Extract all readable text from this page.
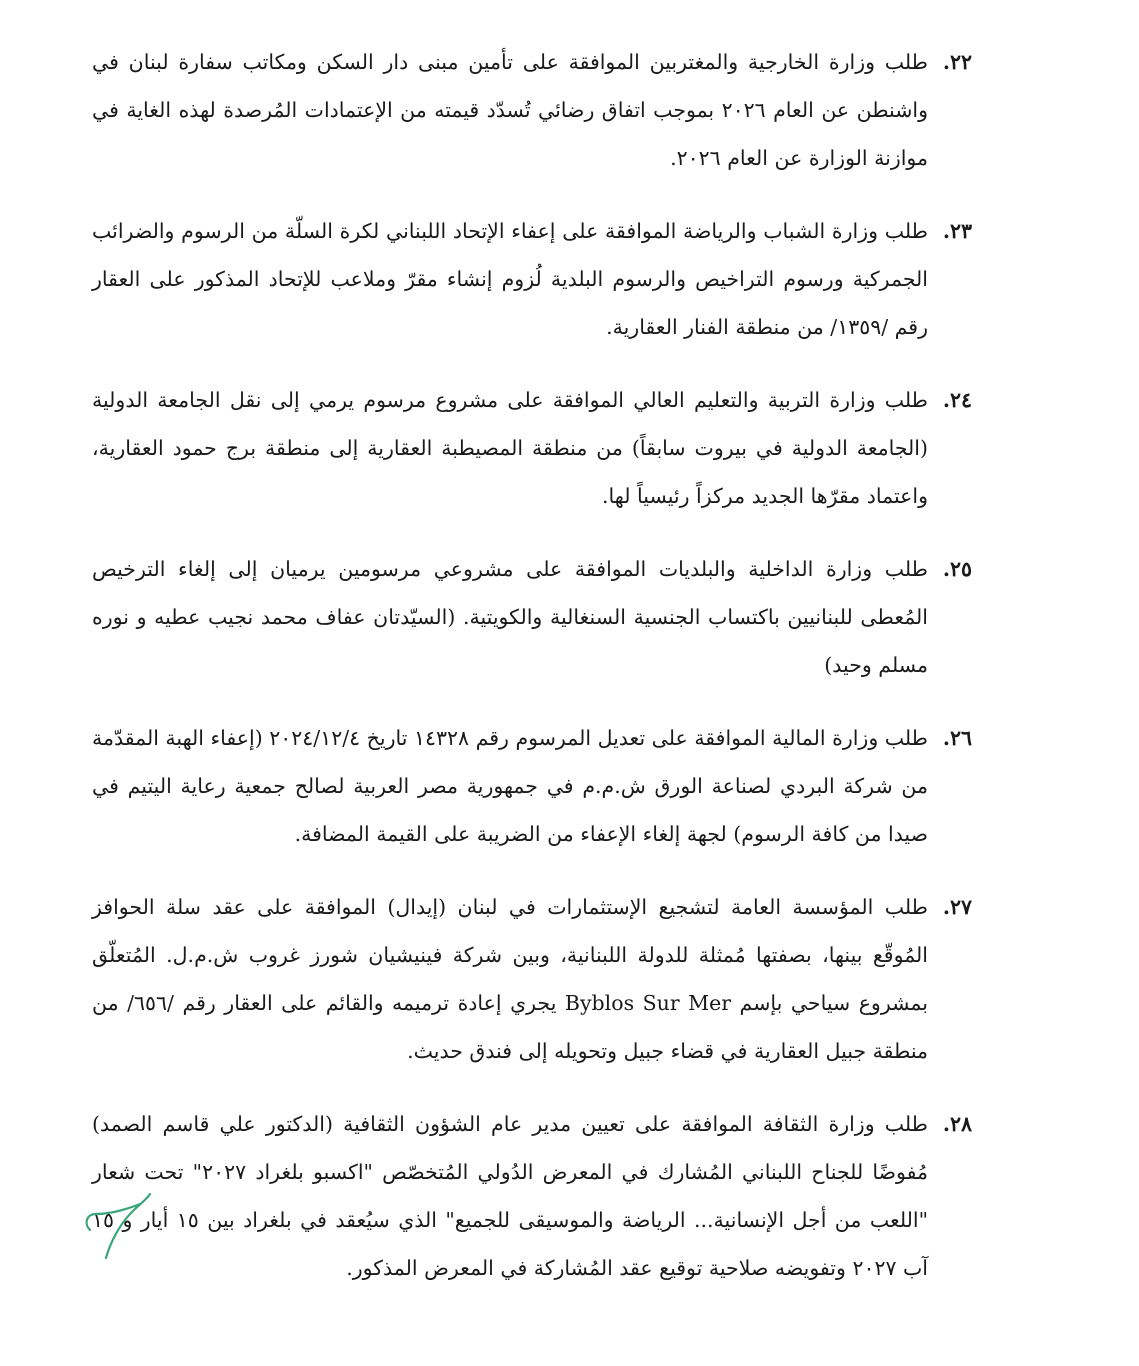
٢٢.
طلب وزارة الخارجية والمغتربين الموافقة على تأمين مبنى دار السكن ومكاتب سفارة لبنان في واشنطن عن العام ٢٠٢٦ بموجب اتفاق رضائي تُسدّد قيمته من الإعتمادات المُرصدة لهذه الغاية في موازنة الوزارة عن العام ٢٠٢٦.
٢٣.
طلب وزارة الشباب والرياضة الموافقة على إعفاء الإتحاد اللبناني لكرة السلّة من الرسوم والضرائب الجمركية ورسوم التراخيص والرسوم البلدية لُزوم إنشاء مقرّ وملاعب للإتحاد المذكور على العقار رقم /١٣٥٩/ من منطقة الفنار العقارية.
٢٤.
طلب وزارة التربية والتعليم العالي الموافقة على مشروع مرسوم يرمي إلى نقل الجامعة الدولية (الجامعة الدولية في بيروت سابقاً) من منطقة المصيطبة العقارية إلى منطقة برج حمود العقارية، واعتماد مقرّها الجديد مركزاً رئيسياً لها.
٢٥.
طلب وزارة الداخلية والبلديات الموافقة على مشروعي مرسومين يرميان إلى إلغاء الترخيص المُعطى للبنانيين باكتساب الجنسية السنغالية والكويتية. (السيّدتان عفاف محمد نجيب عطيه و نوره مسلم وحيد)
٢٦.
طلب وزارة المالية الموافقة على تعديل المرسوم رقم ١٤٣٢٨ تاريخ ٢٠٢٤/١٢/٤ (إعفاء الهبة المقدّمة من شركة البردي لصناعة الورق ش.م.م في جمهورية مصر العربية لصالح جمعية رعاية اليتيم في صيدا من كافة الرسوم) لجهة إلغاء الإعفاء من الضريبة على القيمة المضافة.
٢٧.
طلب المؤسسة العامة لتشجيع الإستثمارات في لبنان (إيدال) الموافقة على عقد سلة الحوافز المُوقّع بينها، بصفتها مُمثلة للدولة اللبنانية، وبين شركة فينيشيان شورز غروب ش.م.ل. المُتعلّق بمشروع سياحي بإسم Byblos Sur Mer يجري إعادة ترميمه والقائم على العقار رقم /٦٥٦/ من منطقة جبيل العقارية في قضاء جبيل وتحويله إلى فندق حديث.
٢٨.
طلب وزارة الثقافة الموافقة على تعيين مدير عام الشؤون الثقافية (الدكتور علي قاسم الصمد) مُفوضًا للجناح اللبناني المُشارك في المعرض الدُولي المُتخصّص "اكسبو بلغراد ٢٠٢٧" تحت شعار "اللعب من أجل الإنسانية... الرياضة والموسيقى للجميع" الذي سيُعقد في بلغراد بين ١٥ أيار و ١٥ آب ٢٠٢٧ وتفويضه صلاحية توقيع عقد المُشاركة في المعرض المذكور.
